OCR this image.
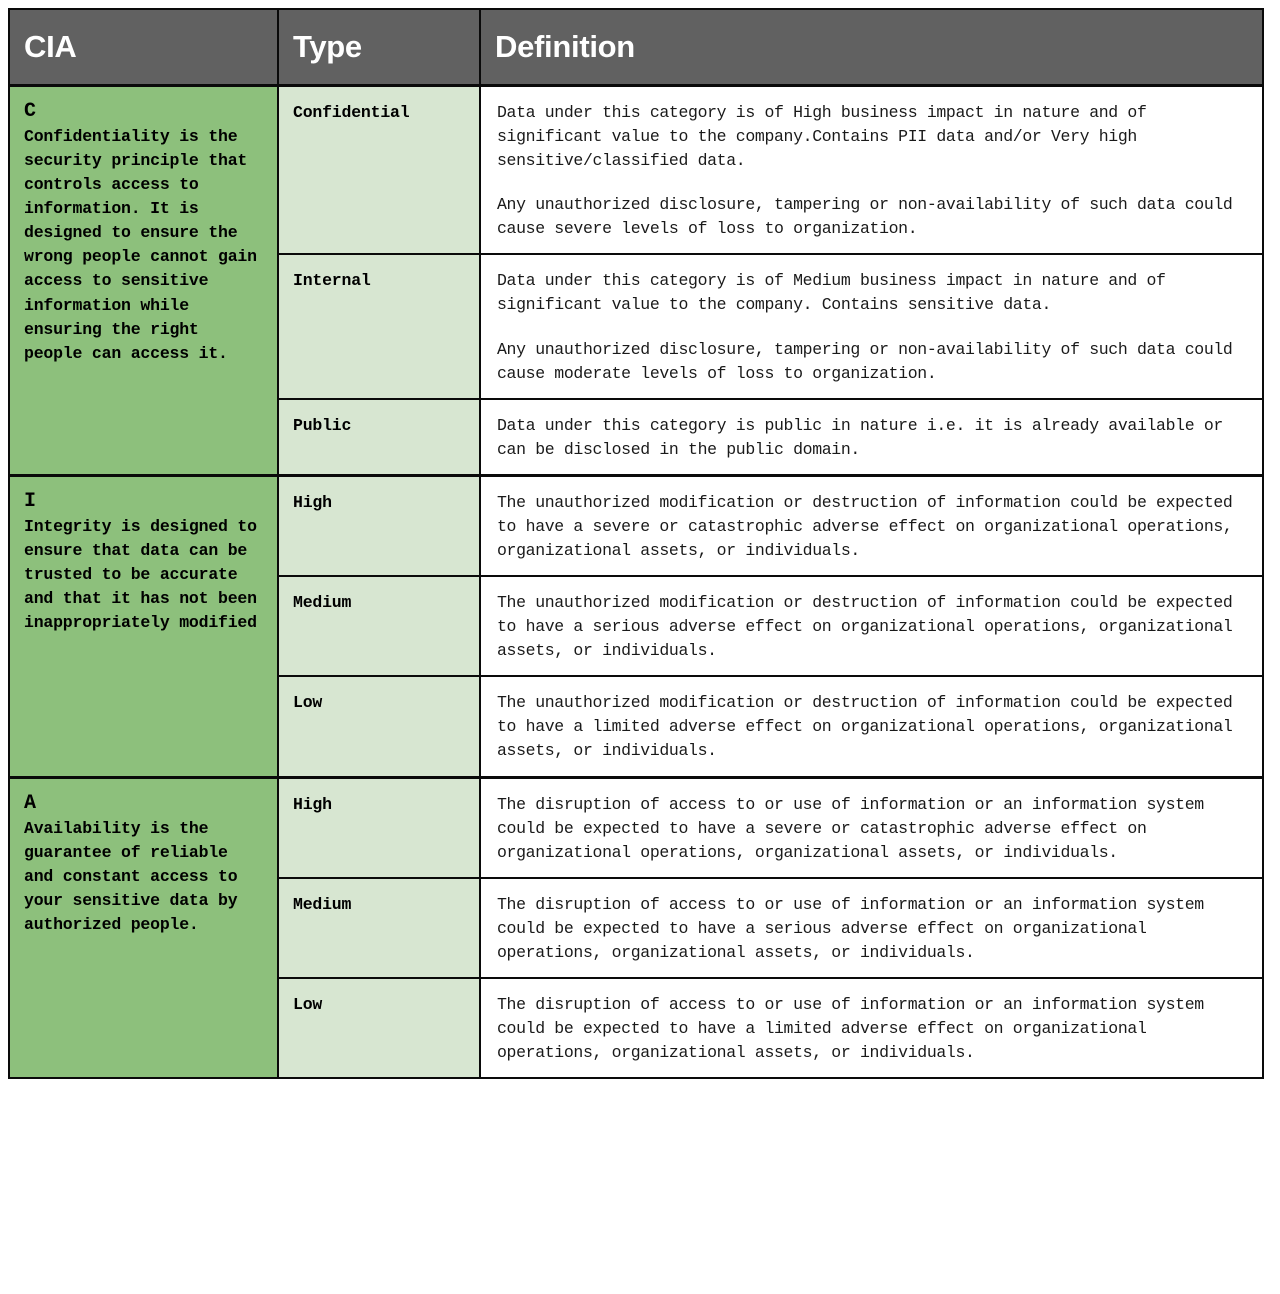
CIA	Type	Definition

C
Confidentiality is the security principle that controls access to information. It is designed to ensure the wrong people cannot gain access to sensitive information while ensuring the right people can access it.
	Confidential	Data under this category is of High business impact in nature and of significant value to the company.Contains PII data and/or Very high sensitive/classified data.

Any unauthorized disclosure, tampering or non-availability of such data could cause severe levels of loss to organization.

	Internal	Data under this category is of Medium business impact in nature and of significant value to the company. Contains sensitive data.

Any unauthorized disclosure, tampering or non-availability of such data could cause moderate levels of loss to organization.

	Public	Data under this category is public in nature i.e. it is already available or can be disclosed in the public domain.

I
Integrity is designed to ensure that data can be trusted to be accurate and that it has not been inappropriately modified	High	The unauthorized modification or destruction of information could be expected to have a severe or catastrophic adverse effect on organizational operations, organizational assets, or individuals.

	Medium	The unauthorized modification or destruction of information could be expected to have a serious adverse effect on organizational operations, organizational assets, or individuals.

	Low	The unauthorized modification or destruction of information could be expected to have a limited adverse effect on organizational operations, organizational assets, or individuals.

A
Availability is the guarantee of reliable and constant access to your sensitive data by authorized people.	High	The disruption of access to or use of information or an information system could be expected to have a severe or catastrophic adverse effect on organizational operations, organizational assets, or individuals.

	Medium	The disruption of access to or use of information or an information system could be expected to have a serious adverse effect on organizational operations, organizational assets, or individuals.

	Low	The disruption of access to or use of information or an information system could be expected to have a limited adverse effect on organizational operations, organizational assets, or individuals.
